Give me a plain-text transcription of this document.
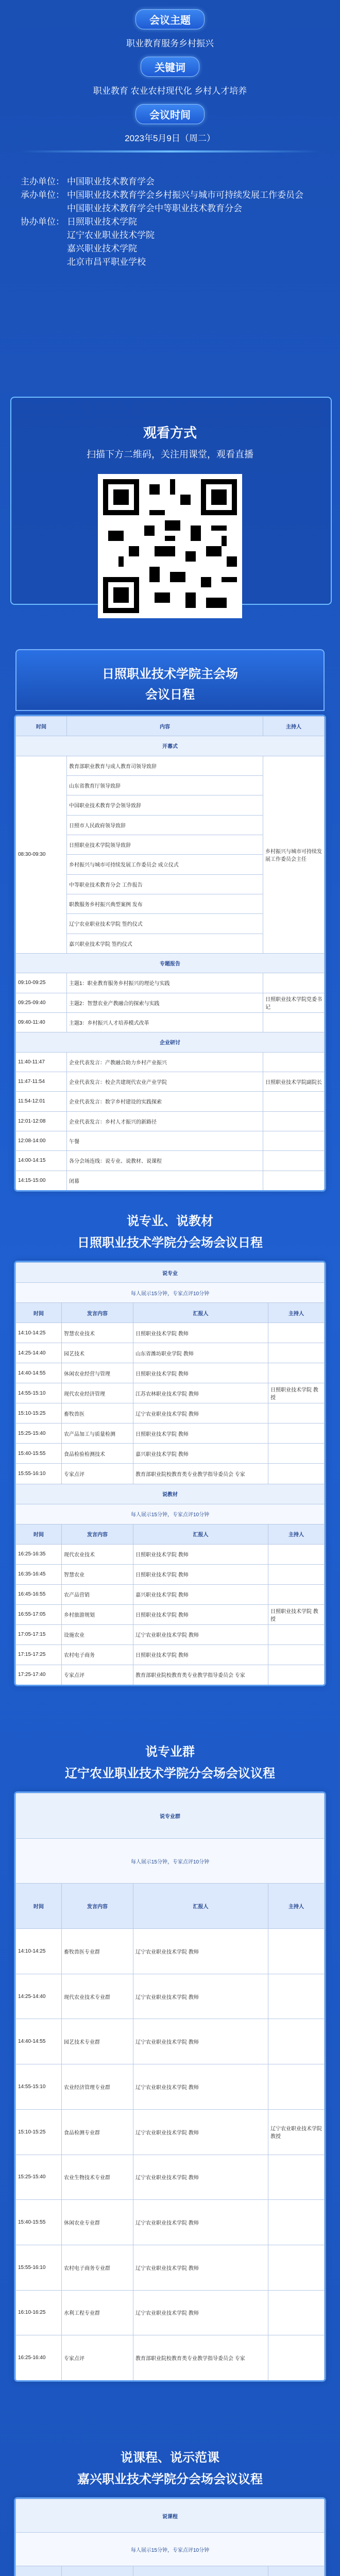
会议主题
职业教育服务乡村振兴
关键词
职业教育 农业农村现代化 乡村人才培养
会议时间
2023年5月9日（周二）
主办单位： 中国职业技术教育学会
承办单位： 中国职业技术教育学会乡村振兴与城市可持续发展工作委员会
中国职业技术教育学会中等职业技术教育分会
协办单位： 日照职业技术学院
辽宁农业职业技术学院
嘉兴职业技术学院
北京市昌平职业学校
观看方式
扫描下方二维码，关注用课堂，观看直播
日照职业技术学院主会场
会议日程
时间	内容	主持人
开幕式		
08:30-09:30	教育部职业教育与成人教育司领导致辞	乡村振兴与城市可持续发展工作委员会主任
	山东省教育厅领导致辞	
	中国职业技术教育学会领导致辞	
	日照市人民政府领导致辞	
	日照职业技术学院领导致辞	
	乡村振兴与城市可持续发展工作委员会 成立仪式	
	中等职业技术教育分会 工作报告	
	职教服务乡村振兴典型案例 发布	
	辽宁农业职业技术学院 签约仪式	
	嘉兴职业技术学院 签约仪式	
专题报告		
09:10-09:25	主题1：职业教育服务乡村振兴的理论与实践	
09:25-09:40	主题2：智慧农业产教融合的探索与实践	日照职业技术学院党委书记
09:40-11:40	主题3：乡村振兴人才培养模式改革	
企业研讨		
11:40-11:47	企业代表发言：产教融合助力乡村产业振兴	
11:47-11:54	企业代表发言：校企共建现代农业产业学院	日照职业技术学院副院长
11:54-12:01	企业代表发言：数字乡村建设的实践探索	
12:01-12:08	企业代表发言：乡村人才振兴的新路径	
12:08-14:00	午餐	
14:00-14:15	各分会场连线：说专业、说教材、说课程	
14:15-15:00	闭幕	
说专业、说教材
日照职业技术学院分会场会议日程
说专业			
每人展示15分钟，专家点评10分钟			
时间	发言内容	汇报人	主持人
14:10-14:25	智慧农业技术	日照职业技术学院 教师	
14:25-14:40	园艺技术	山东省潍坊职业学院 教师	
14:40-14:55	休闲农业经营与管理	日照职业技术学院 教师	
14:55-15:10	现代农业经济管理	江苏农林职业技术学院 教师	日照职业技术学院 教授
15:10-15:25	畜牧兽医	辽宁农业职业技术学院 教师	
15:25-15:40	农产品加工与质量检测	日照职业技术学院 教师	
15:40-15:55	食品检验检测技术	嘉兴职业技术学院 教师	
15:55-16:10	专家点评	教育部职业院校教育类专业教学指导委员会 专家	
说教材			
每人展示15分钟，专家点评10分钟			
时间	发言内容	汇报人	主持人
16:25-16:35	现代农业技术	日照职业技术学院 教师	
16:35-16:45	智慧农业	日照职业技术学院 教师	
16:45-16:55	农产品营销	嘉兴职业技术学院 教师	
16:55-17:05	乡村旅游规划	日照职业技术学院 教师	日照职业技术学院 教授
17:05-17:15	设施农业	辽宁农业职业技术学院 教师	
17:15-17:25	农村电子商务	日照职业技术学院 教师	
17:25-17:40	专家点评	教育部职业院校教育类专业教学指导委员会 专家	
说专业群
辽宁农业职业技术学院分会场会议议程
说专业群			
每人展示15分钟，专家点评10分钟			
时间	发言内容	汇报人	主持人
14:10-14:25	畜牧兽医专业群	辽宁农业职业技术学院 教师	
14:25-14:40	现代农业技术专业群	辽宁农业职业技术学院 教师	
14:40-14:55	园艺技术专业群	辽宁农业职业技术学院 教师	
14:55-15:10	农业经济管理专业群	辽宁农业职业技术学院 教师	
15:10-15:25	食品检测专业群	辽宁农业职业技术学院 教师	辽宁农业职业技术学院 教授
15:25-15:40	农业生物技术专业群	辽宁农业职业技术学院 教师	
15:40-15:55	休闲农业专业群	辽宁农业职业技术学院 教师	
15:55-16:10	农村电子商务专业群	辽宁农业职业技术学院 教师	
16:10-16:25	水利工程专业群	辽宁农业职业技术学院 教师	
16:25-16:40	专家点评	教育部职业院校教育类专业教学指导委员会 专家	
说课程、说示范课
嘉兴职业技术学院分会场会议议程
说课程			
每人展示15分钟，专家点评10分钟			
